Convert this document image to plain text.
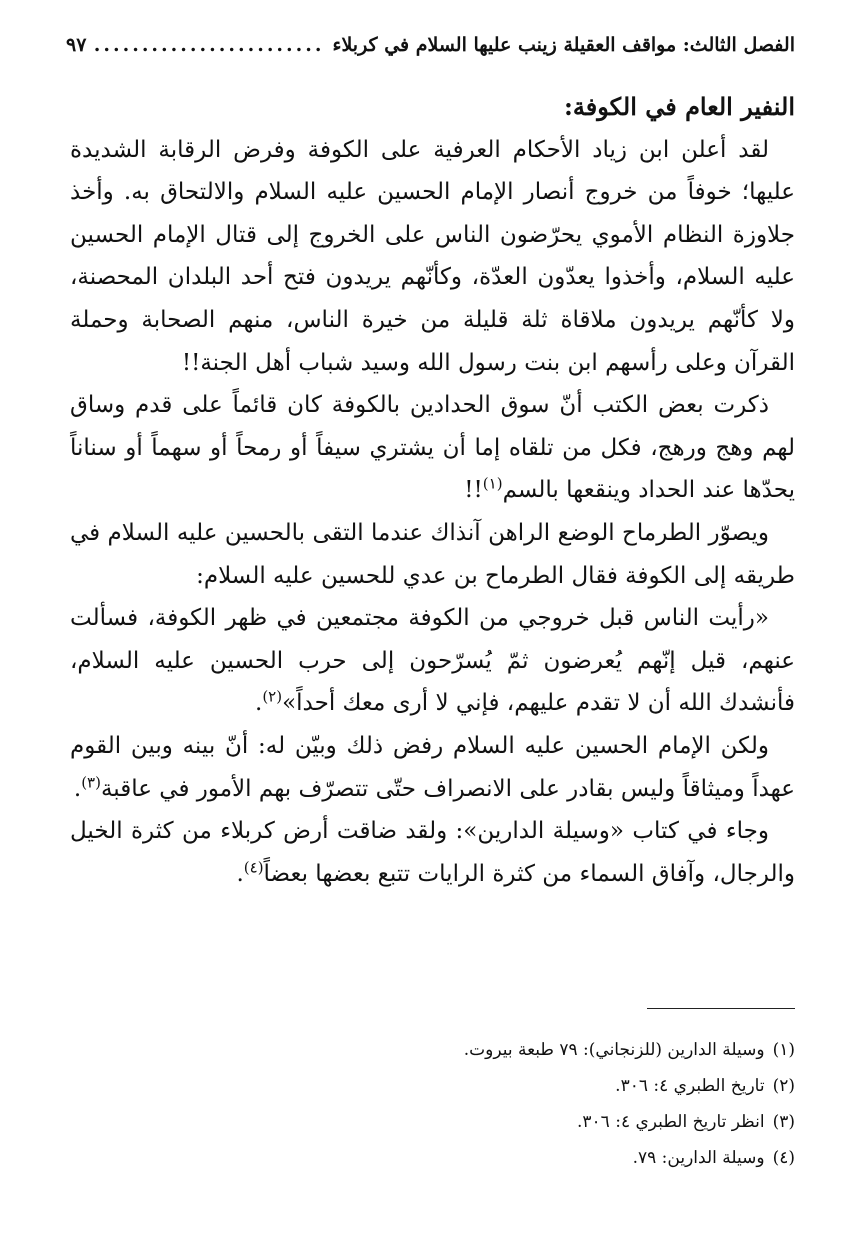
الفصل الثالث: مواقف العقيلة زينب عليها السلام في كربلاء
.....
٩٧
النفير العام في الكوفة:

لقد أعلن ابن زياد الأحكام العرفية على الكوفة وفرض الرقابة الشديدة عليها؛ خوفاً من خروج أنصار الإمام الحسين عليه السلام والالتحاق به. وأخذ جلاوزة النظام الأموي يحرّضون الناس على الخروج إلى قتال الإمام الحسين عليه السلام، وأخذوا يعدّون العدّة، وكأنّهم يريدون فتح أحد البلدان المحصنة، ولا كأنّهم يريدون ملاقاة ثلة قليلة من خيرة الناس، منهم الصحابة وحملة القرآن وعلى رأسهم ابن بنت رسول الله وسيد شباب أهل الجنة!!

ذكرت بعض الكتب أنّ سوق الحدادين بالكوفة كان قائماً على قدم وساق لهم وهج ورهج، فكل من تلقاه إما أن يشتري سيفاً أو رمحاً أو سهماً أو سناناً يحدّها عند الحداد وينقعها بالسم$^{(١)}$!!

ويصوّر الطرماح الوضع الراهن آنذاك عندما التقى بالحسين عليه السلام في طريقه إلى الكوفة فقال الطرماح بن عدي للحسين عليه السلام:

«رأيت الناس قبل خروجي من الكوفة مجتمعين في ظهر الكوفة، فسألت عنهم، قيل إنّهم يُعرضون ثمّ يُسرّحون إلى حرب الحسين عليه السلام، فأنشدك الله أن لا تقدم عليهم، فإني لا أرى معك أحداً»$^{(٢)}$.

ولكن الإمام الحسين عليه السلام رفض ذلك وبيّن له: أنّ بينه وبين القوم عهداً وميثاقاً وليس بقادر على الانصراف حتّى تتصرّف بهم الأمور في عاقبة$^{(٣)}$.

وجاء في كتاب «وسيلة الدارين»: ولقد ضاقت أرض كربلاء من كثرة الخيل والرجال، وآفاق السماء من كثرة الرايات تتبع بعضها بعضاً$^{(٤)}$.

(١)وسيلة الدارين (للزنجاني): ٧٩ طبعة بيروت.
(٢)تاريخ الطبري ٤: ٣٠٦.
(٣)انظر تاريخ الطبري ٤: ٣٠٦.
(٤)وسيلة الدارين: ٧٩.
